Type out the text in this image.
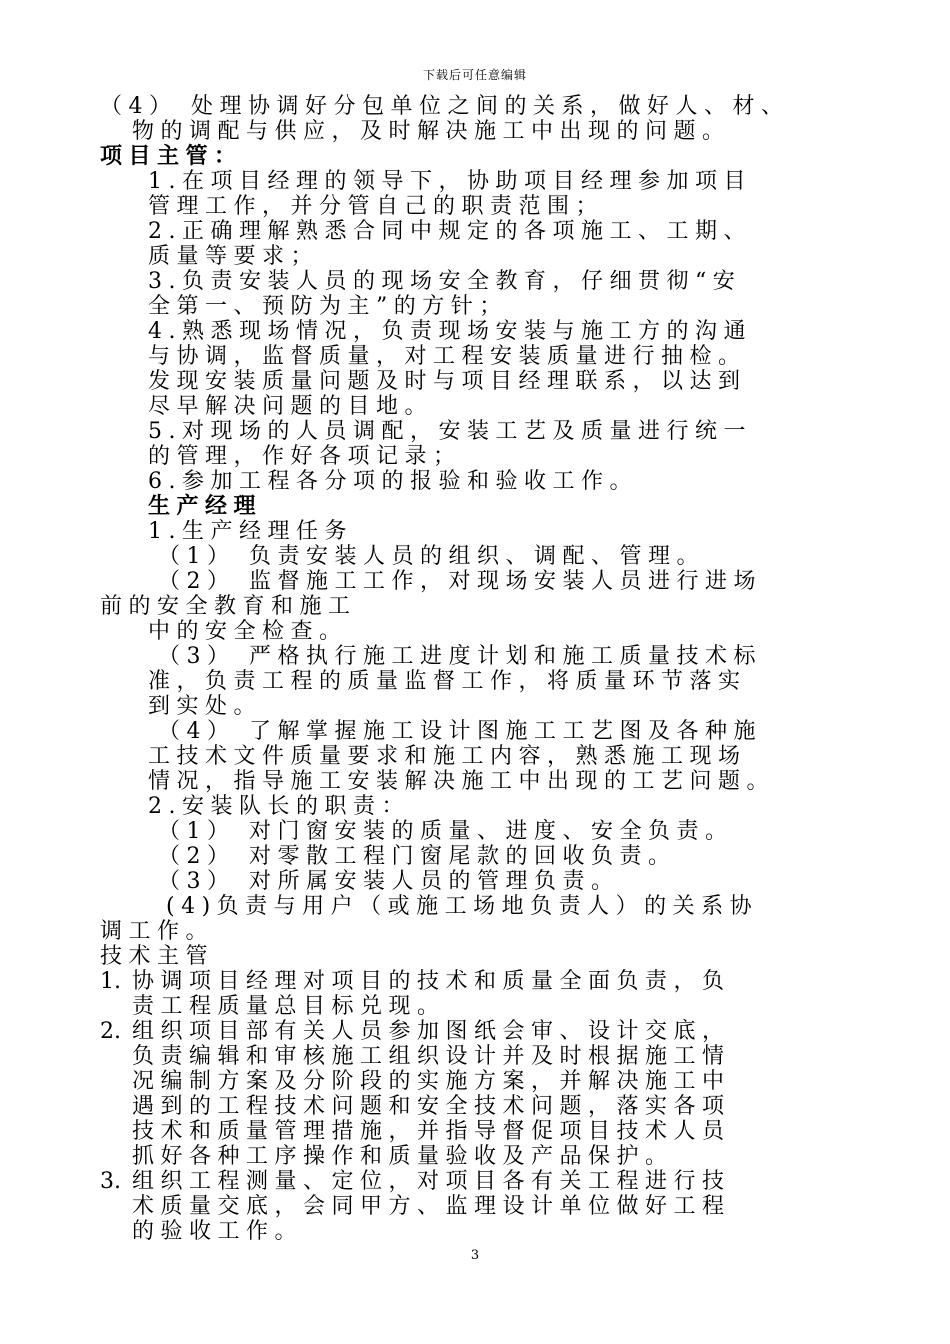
下载后可任意编辑
（4） 处理协调好分包单位之间的关系，做好人、材、
物的调配与供应，及时解决施工中出现的问题。
项目主管：
1.在项目经理的领导下，协助项目经理参加项目
管理工作，并分管自己的职责范围；
2.正确理解熟悉合同中规定的各项施工、工期、
质量等要求；
3.负责安装人员的现场安全教育，仔细贯彻“安
全第一、预防为主”的方针；
4.熟悉现场情况，负责现场安装与施工方的沟通
与协调，监督质量，对工程安装质量进行抽检。
发现安装质量问题及时与项目经理联系，以达到
尽早解决问题的目地。
5.对现场的人员调配，安装工艺及质量进行统一
的管理，作好各项记录；
6.参加工程各分项的报验和验收工作。
生产经理
1.生产经理任务
（1） 负责安装人员的组织、调配、管理。
（2） 监督施工工作，对现场安装人员进行进场
前的安全教育和施工
中的安全检查。
（3） 严格执行施工进度计划和施工质量技术标
准，负责工程的质量监督工作，将质量环节落实
到实处。
（4） 了解掌握施工设计图施工工艺图及各种施
工技术文件质量要求和施工内容，熟悉施工现场
情况，指导施工安装解决施工中出现的工艺问题。
2.安装队长的职责：
（1） 对门窗安装的质量、进度、安全负责。
（2） 对零散工程门窗尾款的回收负责。
（3） 对所属安装人员的管理负责。
(4)负责与用户（或施工场地负责人）的关系协
调工作。
技术主管
1. 协调项目经理对项目的技术和质量全面负责，负
责工程质量总目标兑现。
2. 组织项目部有关人员参加图纸会审、设计交底，
负责编辑和审核施工组织设计并及时根据施工情
况编制方案及分阶段的实施方案，并解决施工中
遇到的工程技术问题和安全技术问题，落实各项
技术和质量管理措施，并指导督促项目技术人员
抓好各种工序操作和质量验收及产品保护。
3. 组织工程测量、定位，对项目各有关工程进行技
术质量交底，会同甲方、监理设计单位做好工程
的验收工作。
3
